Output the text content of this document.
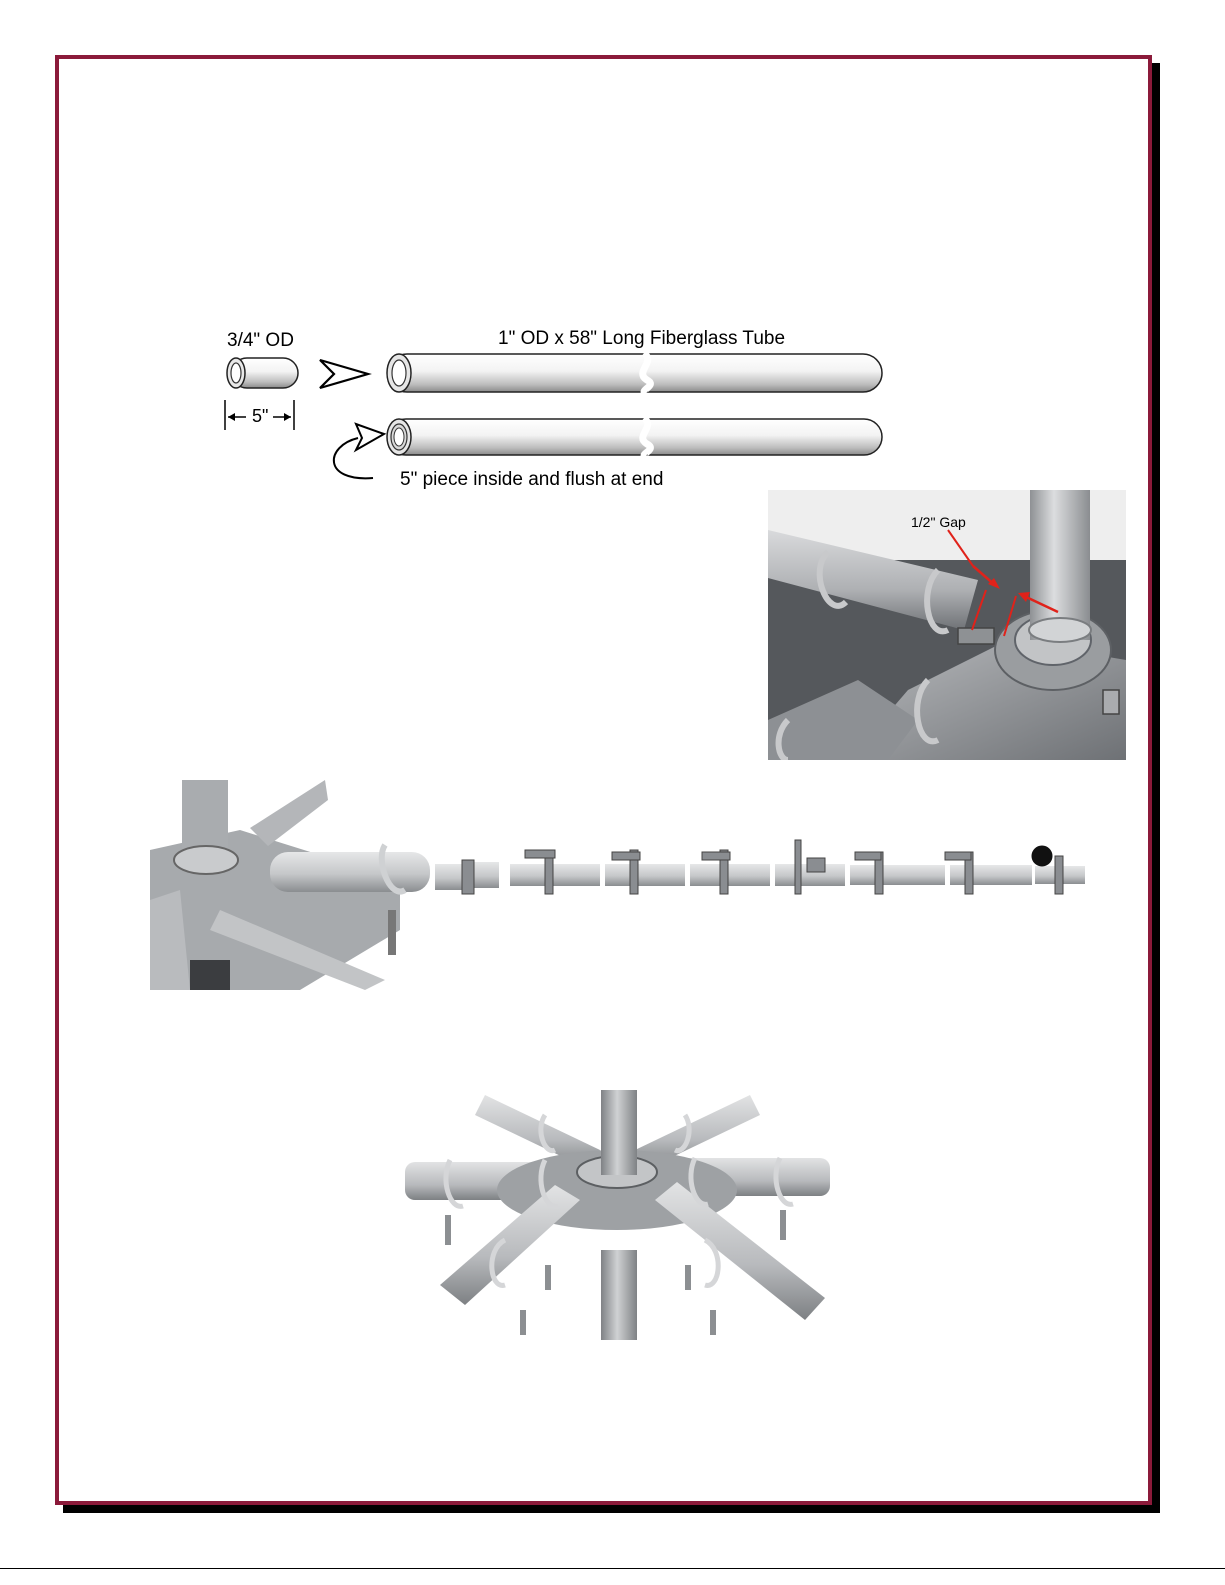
3/4" OD
5"
1" OD x 58" Long Fiberglass Tube
5" piece inside and flush at end
1/2" Gap
